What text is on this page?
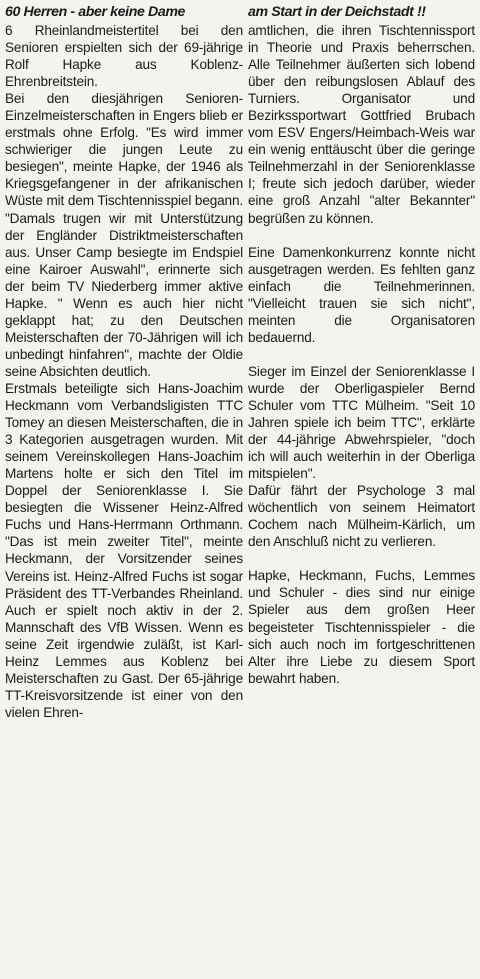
60 Herren - aber keine Dame

6 Rheinlandmeistertitel bei den Senioren erspielten sich der 69-jährige Rolf Hapke aus Koblenz-Ehrenbreitstein.

Bei den diesjährigen Senioren-Einzelmeisterschaften in Engers blieb er erstmals ohne Erfolg. "Es wird immer schwieriger die jungen Leute zu besiegen", meinte Hapke, der 1946 als Kriegsgefangener in der afrikanischen Wüste mit dem Tischtennisspiel begann. "Damals trugen wir mit Unterstützung der Engländer Distriktmeisterschaften aus. Unser Camp besiegte im Endspiel eine Kairoer Auswahl", erinnerte sich der beim TV Niederberg immer aktive Hapke. " Wenn es auch hier nicht geklappt hat; zu den Deutschen Meisterschaften der 70-Jährigen will ich unbedingt hinfahren", machte der Oldie seine Absichten deutlich.

Erstmals beteiligte sich Hans-Joachim Heckmann vom Verbandsligisten TTC Tomey an diesen Meisterschaften, die in 3 Kategorien ausgetragen wurden. Mit seinem Vereinskollegen Hans-Joachim Martens holte er sich den Titel im Doppel der Seniorenklasse I. Sie besiegten die Wissener Heinz-Alfred Fuchs und Hans-Herrmann Orthmann. "Das ist mein zweiter Titel", meinte Heckmann, der Vorsitzender seines Vereins ist. Heinz-Alfred Fuchs ist sogar Präsident des TT-Verbandes Rheinland. Auch er spielt noch aktiv in der 2. Mannschaft des VfB Wissen. Wenn es seine Zeit irgendwie zuläßt, ist Karl-Heinz Lemmes aus Koblenz bei Meisterschaften zu Gast. Der 65-jährige TT-Kreisvorsitzende ist einer von den vielen Ehren-

am Start in der Deichstadt !!

amtlichen, die ihren Tischtennissport in Theorie und Praxis beherrschen. Alle Teilnehmer äußerten sich lobend über den reibungslosen Ablauf des Turniers. Organisator und Bezirkssportwart Gottfried Brubach vom ESV Engers/Heimbach-Weis war ein wenig enttäuscht über die geringe Teilnehmerzahl in der Seniorenklasse I; freute sich jedoch darüber, wieder eine groß Anzahl "alter Bekannter" begrüßen zu können.

Eine Damenkonkurrenz konnte nicht ausgetragen werden. Es fehlten ganz einfach die Teilnehmerinnen. "Vielleicht trauen sie sich nicht", meinten die Organisatoren bedauernd.

Sieger im Einzel der Seniorenklasse I wurde der Oberligaspieler Bernd Schuler vom TTC Mülheim. "Seit 10 Jahren spiele ich beim TTC", erklärte der 44-jährige Abwehrspieler, "doch ich will auch weiterhin in der Oberliga mitspielen".

Dafür fährt der Psychologe 3 mal wöchentlich von seinem Heimatort Cochem nach Mülheim-Kärlich, um den Anschluß nicht zu verlieren.

Hapke, Heckmann, Fuchs, Lemmes und Schuler - dies sind nur einige Spieler aus dem großen Heer begeisteter Tischtennisspieler - die sich auch noch im fortgeschrittenen Alter ihre Liebe zu diesem Sport bewahrt haben.
